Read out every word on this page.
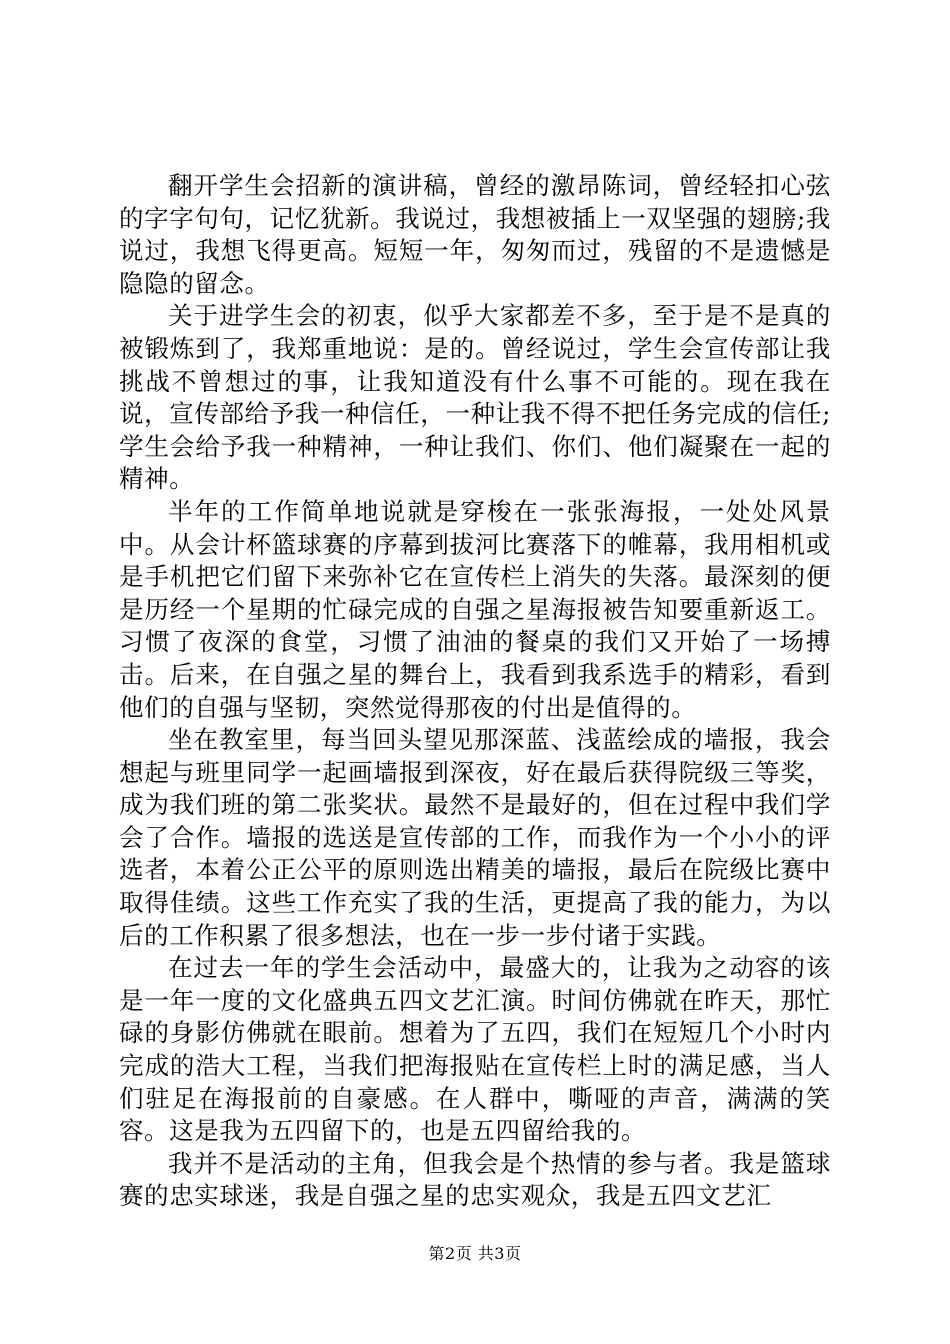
翻开学生会招新的演讲稿，曾经的激昂陈词，曾经轻扣心弦的字字句句，记忆犹新。我说过，我想被插上一双坚强的翅膀;我说过，我想飞得更高。短短一年，匆匆而过，残留的不是遗憾是隐隐的留念。

关于进学生会的初衷，似乎大家都差不多，至于是不是真的被锻炼到了，我郑重地说：是的。曾经说过，学生会宣传部让我挑战不曾想过的事，让我知道没有什么事不可能的。现在我在说，宣传部给予我一种信任，一种让我不得不把任务完成的信任;学生会给予我一种精神，一种让我们、你们、他们凝聚在一起的精神。

半年的工作简单地说就是穿梭在一张张海报，一处处风景中。从会计杯篮球赛的序幕到拔河比赛落下的帷幕，我用相机或是手机把它们留下来弥补它在宣传栏上消失的失落。最深刻的便是历经一个星期的忙碌完成的自强之星海报被告知要重新返工。习惯了夜深的食堂，习惯了油油的餐桌的我们又开始了一场搏击。后来，在自强之星的舞台上，我看到我系选手的精彩，看到他们的自强与坚韧，突然觉得那夜的付出是值得的。

坐在教室里，每当回头望见那深蓝、浅蓝绘成的墙报，我会想起与班里同学一起画墙报到深夜，好在最后获得院级三等奖，成为我们班的第二张奖状。最然不是最好的，但在过程中我们学会了合作。墙报的选送是宣传部的工作，而我作为一个小小的评选者，本着公正公平的原则选出精美的墙报，最后在院级比赛中取得佳绩。这些工作充实了我的生活，更提高了我的能力，为以后的工作积累了很多想法，也在一步一步付诸于实践。

在过去一年的学生会活动中，最盛大的，让我为之动容的该是一年一度的文化盛典五四文艺汇演。时间仿佛就在昨天，那忙碌的身影仿佛就在眼前。想着为了五四，我们在短短几个小时内完成的浩大工程，当我们把海报贴在宣传栏上时的满足感，当人们驻足在海报前的自豪感。在人群中，嘶哑的声音，满满的笑容。这是我为五四留下的，也是五四留给我的。

我并不是活动的主角，但我会是个热情的参与者。我是篮球赛的忠实球迷，我是自强之星的忠实观众，我是五四文艺汇

第2页 共3页
